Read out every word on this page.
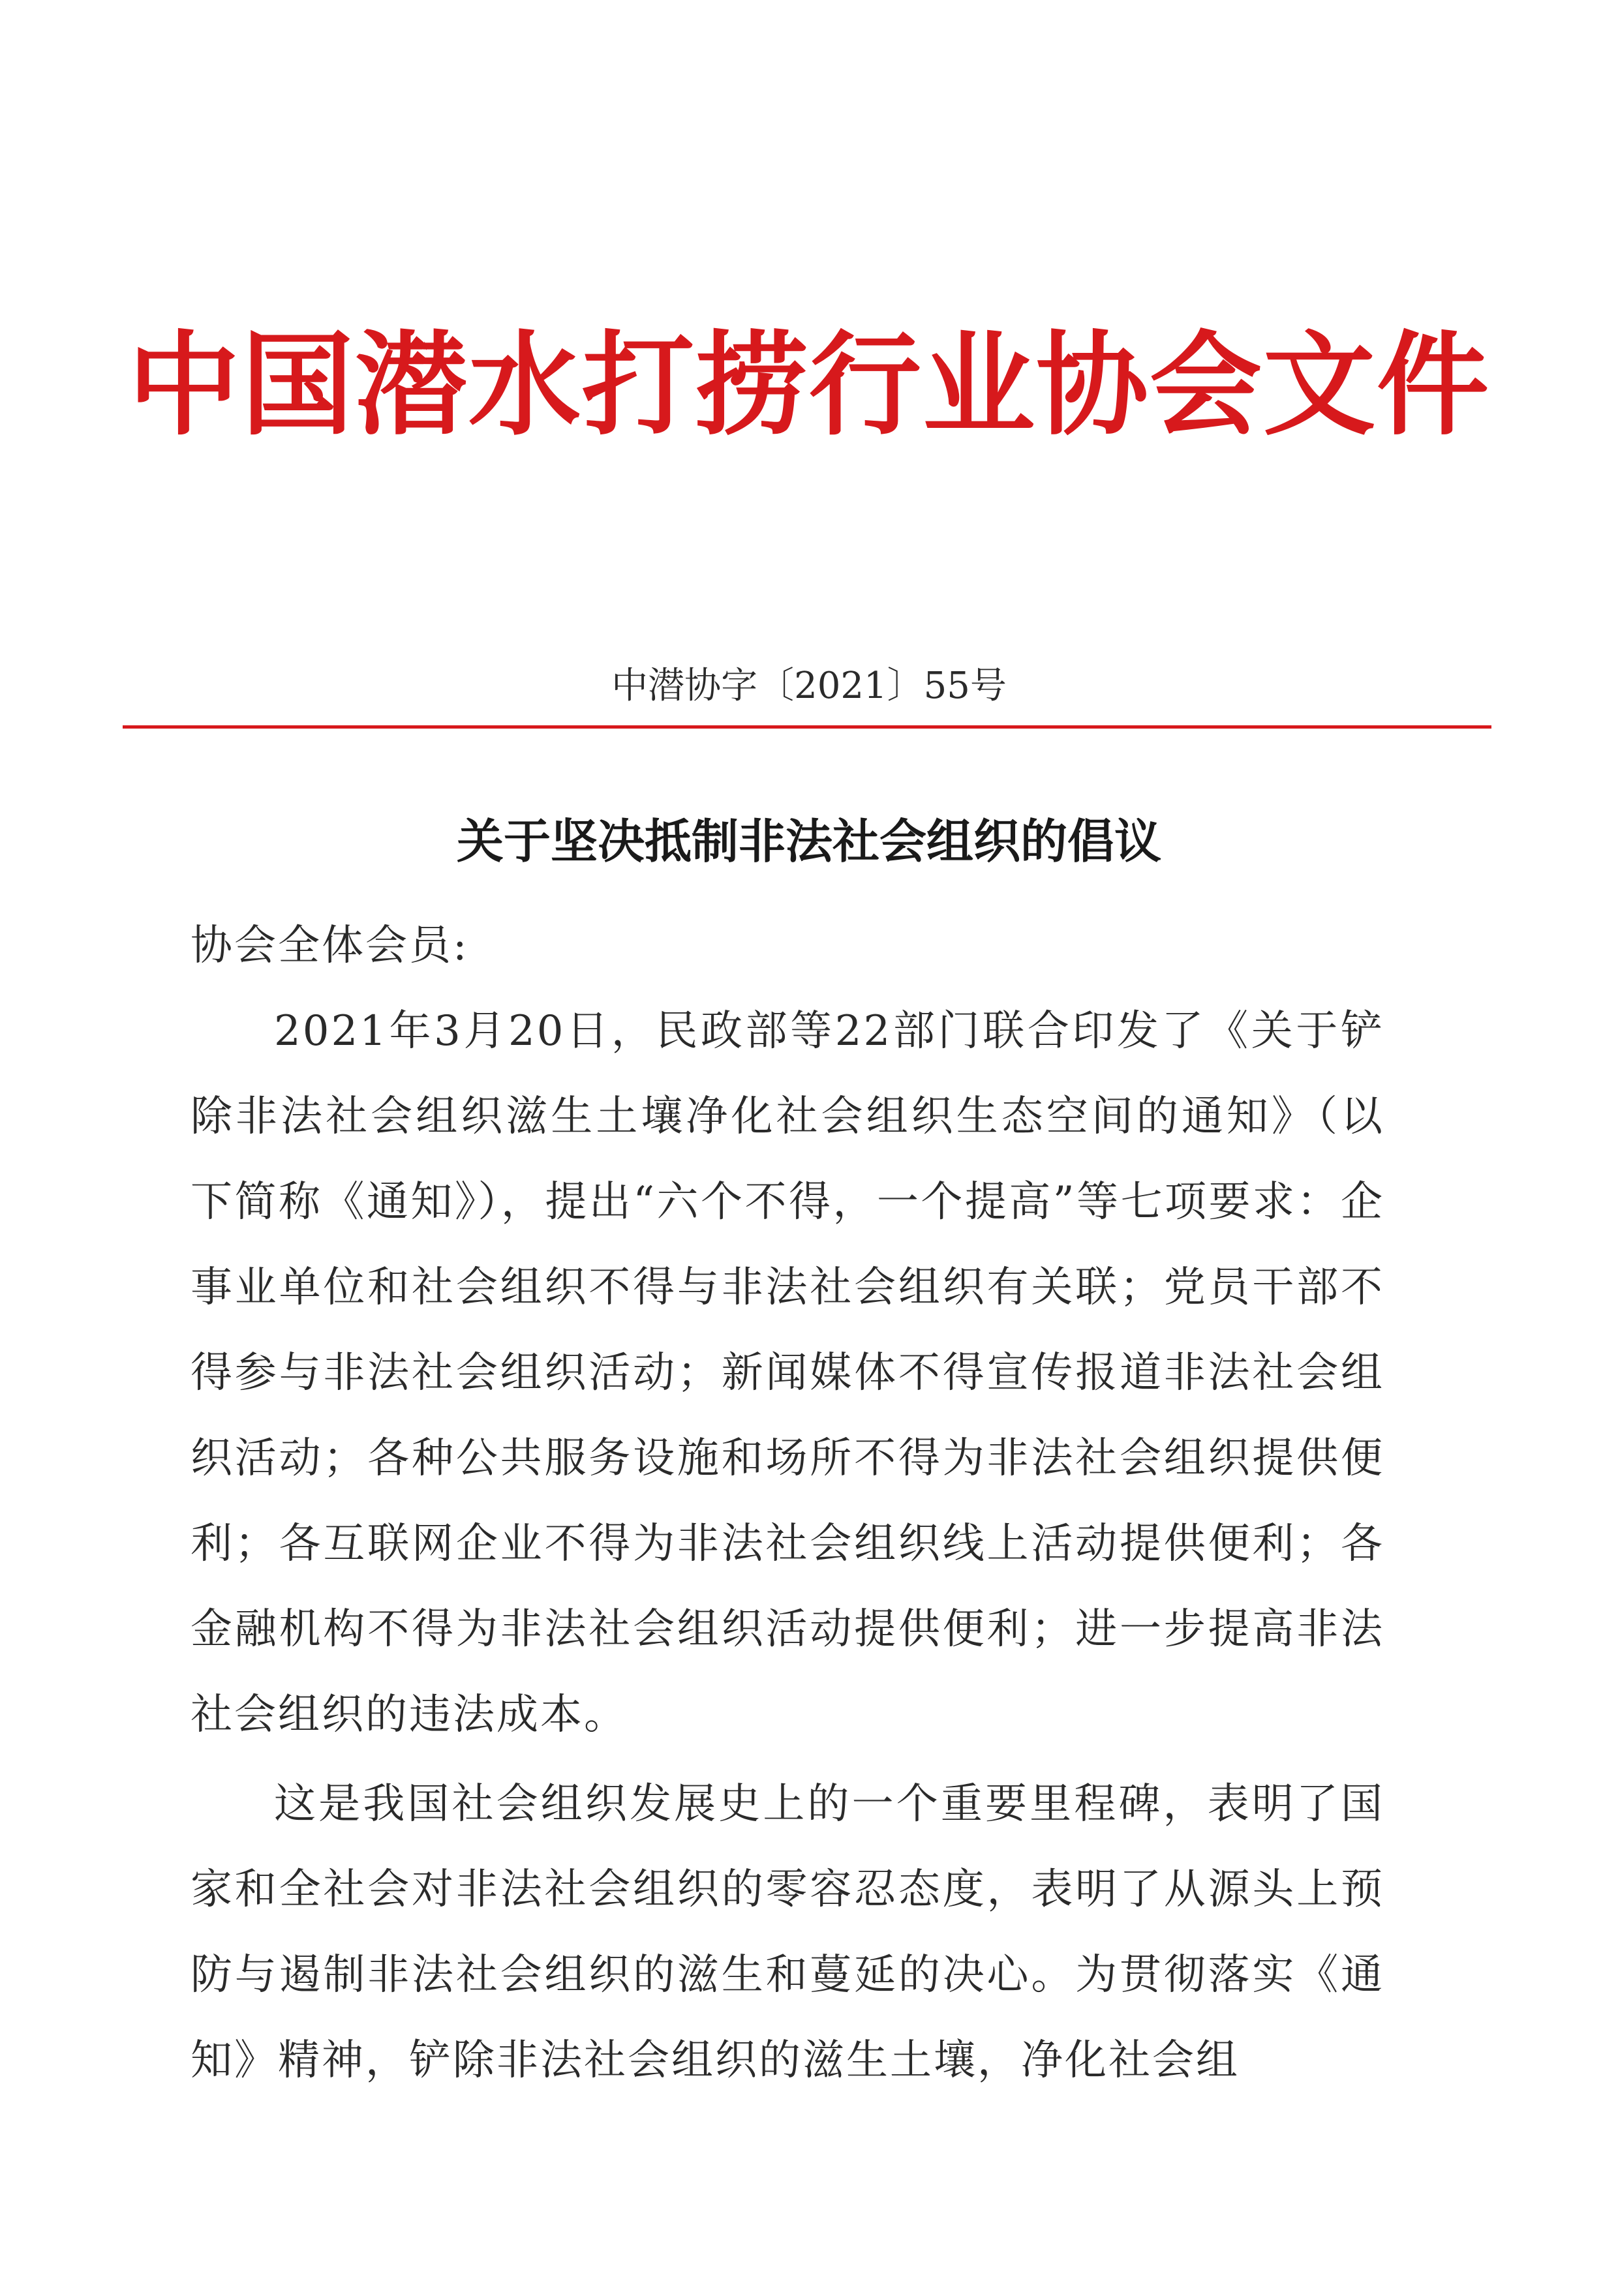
中国潜水打捞行业协会文件
中潜协字〔2021〕55号
关于坚决抵制非法社会组织的倡议

协会全体会员:

2021年3月20日，民政部等22部门联合印发了《关于铲除非法社会组织滋生土壤净化社会组织生态空间的通知》（以下简称《通知》），提出“六个不得，一个提高”等七项要求：企事业单位和社会组织不得与非法社会组织有关联；党员干部不得参与非法社会组织活动；新闻媒体不得宣传报道非法社会组织活动；各种公共服务设施和场所不得为非法社会组织提供便利；各互联网企业不得为非法社会组织线上活动提供便利；各金融机构不得为非法社会组织活动提供便利；进一步提高非法社会组织的违法成本。

这是我国社会组织发展史上的一个重要里程碑，表明了国家和全社会对非法社会组织的零容忍态度，表明了从源头上预防与遏制非法社会组织的滋生和蔓延的决心。为贯彻落实《通知》精神，铲除非法社会组织的滋生土壤，净化社会组
